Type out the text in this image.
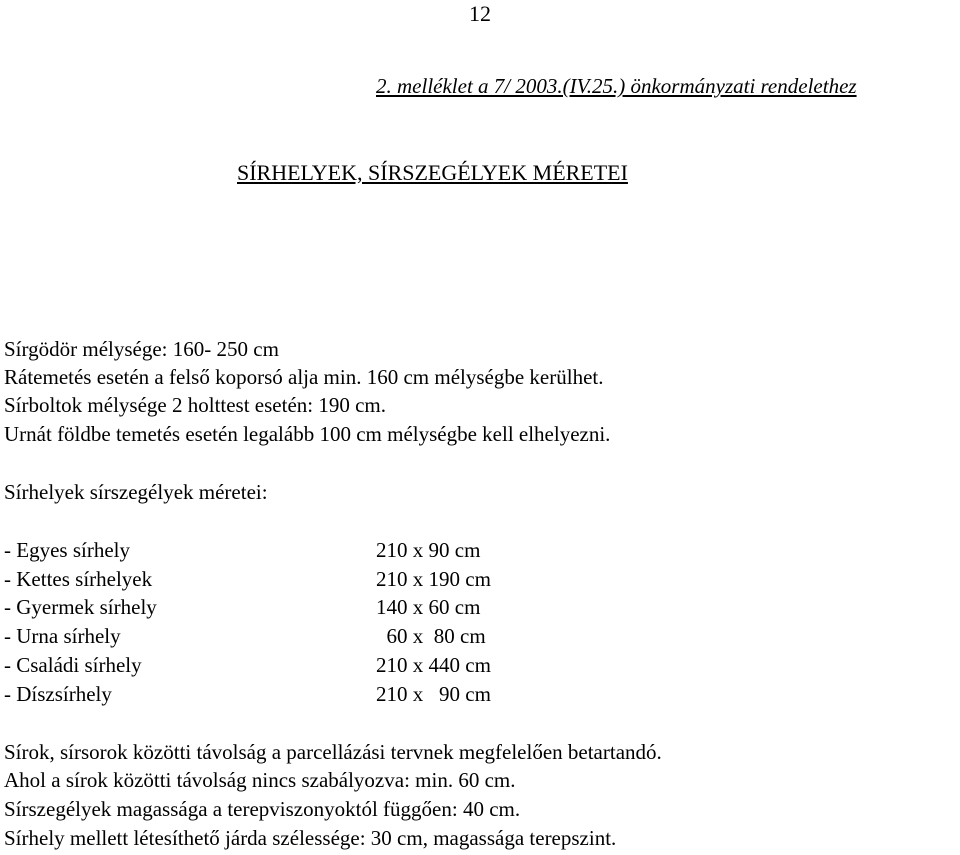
12
2. melléklet a 7/ 2003.(IV.25.) önkormányzati rendelethez
SÍRHELYEK, SÍRSZEGÉLYEK MÉRETEI
Sírgödör mélysége: 160- 250 cm
Rátemetés esetén a felső koporsó alja min. 160 cm mélységbe kerülhet.
Sírboltok mélysége 2 holttest esetén: 190 cm.
Urnát földbe temetés esetén legalább 100 cm mélységbe kell elhelyezni.
Sírhelyek sírszegélyek méretei:
- Egyes sírhely	210 x 90 cm
- Kettes sírhelyek	210 x 190 cm
- Gyermek sírhely	140 x 60 cm
- Urna sírhely	60 x  80 cm
- Családi sírhely	210 x 440 cm
- Díszsírhely	210 x   90 cm
Sírok, sírsorok közötti távolság a parcellázási tervnek megfelelően betartandó.
Ahol a sírok közötti távolság nincs szabályozva: min. 60 cm.
Sírszegélyek magassága a terepviszonyoktól függően: 40 cm.
Sírhely mellett létesíthető járda szélessége: 30 cm, magassága terepszint.
